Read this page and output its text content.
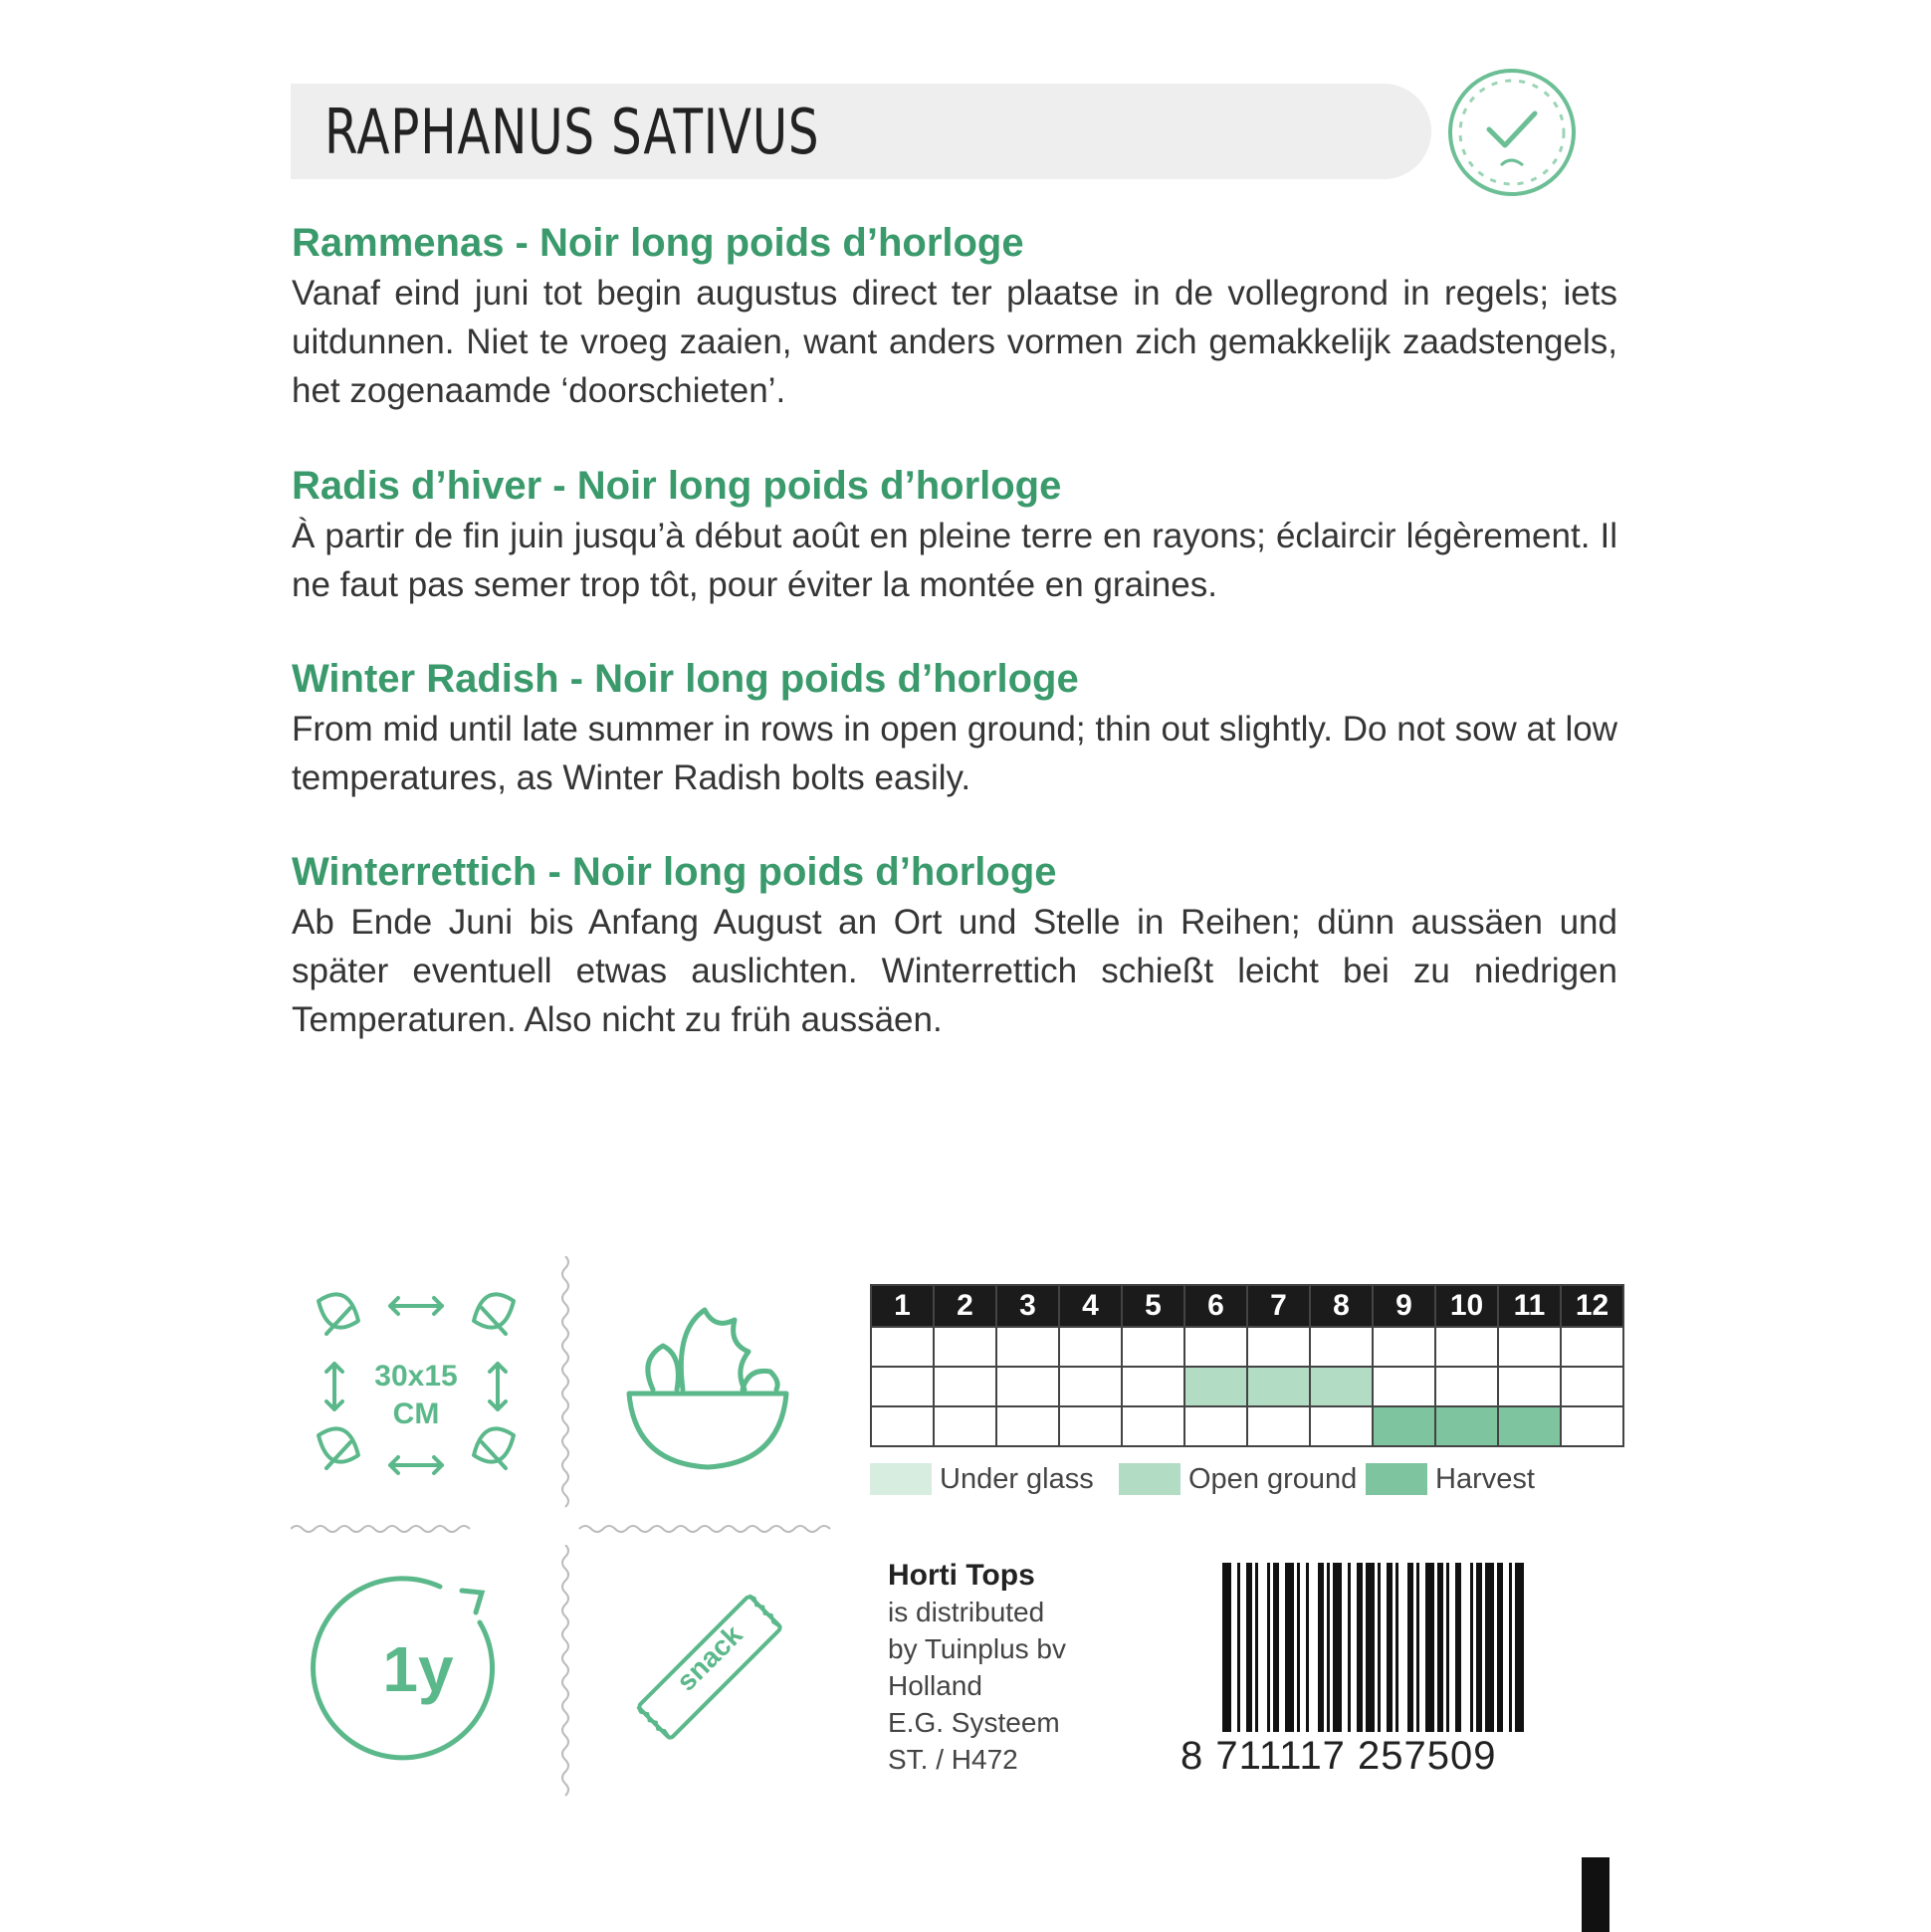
RAPHANUS SATIVUS
Rammenas - Noir long poids d’horloge
Vanaf eind juni tot begin augustus direct ter plaatse in de vollegrond in regels; iets uitdunnen. Niet te vroeg zaaien, want anders vormen zich gemakkelijk zaadstengels, het zogenaamde ‘doorschieten’.
Radis d’hiver - Noir long poids d’horloge
À partir de fin juin jusqu’à début août en pleine terre en rayons; éclaircir légèrement. Il ne faut pas semer trop tôt, pour éviter la montée en graines.
Winter Radish - Noir long poids d’horloge
From mid until late summer in rows in open ground; thin out slightly. Do not sow at low temperatures, as Winter Radish bolts easily.
Winterrettich - Noir long poids d’horloge
Ab Ende Juni bis Anfang August an Ort und Stelle in Reihen; dünn aussäen und später eventuell etwas auslichten. Winterrettich schießt leicht bei zu niedrigen Temperaturen. Also nicht zu früh aussäen.
30x15
CM
1y	snack
1	2	3	4	5	6	7	8	9	10	11	12

Under glass	Open ground	Harvest
Horti Tops
is distributed
by Tuinplus bv
Holland
E.G. Systeem
ST. / H472	8 711117 257509
